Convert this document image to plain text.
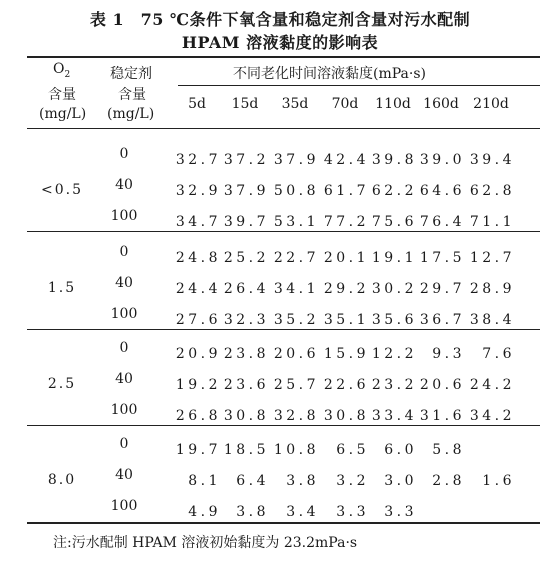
表 1　75 ℃条件下氧含量和稳定剂含量对污水配制
HPAM 溶液黏度的影响表
$O_2$
含量
(mg/L)
稳定剂
含量
(mg/L)
不同老化时间溶液黏度(mPa·s)
5d	15d	35d	70d	110d 160d	210d
<0.5
0	32.7 37.2 37.9 42.4 39.8 39.0 39.4
40	32.9 37.9 50.8 61.7 62.2 64.6 62.8
100	34.7 39.7 53.1 77.2 75.6 76.4 71.1
1.5
0	24.8 25.2 22.7 20.1 19.1 17.5 12.7
40	24.4 26.4 34.1 29.2 30.2 29.7 28.9
100	27.6 32.3 35.2 35.1 35.6 36.7 38.4
2.5
0	20.9 23.8 20.6 15.9 12.2	9.3	7.6
40	19.2 23.6 25.7 22.6 23.2 20.6 24.2
100	26.8 30.8 32.8 30.8 33.4 31.6 34.2
8.0
0	19.7 18.5 10.8	6.5	6.0	5.8
40	8.1	6.4	3.8	3.2	3.0	2.8	1.6
100	4.9	3.8	3.4	3.3	3.3
注:污水配制 HPAM 溶液初始黏度为 23.2mPa·s
